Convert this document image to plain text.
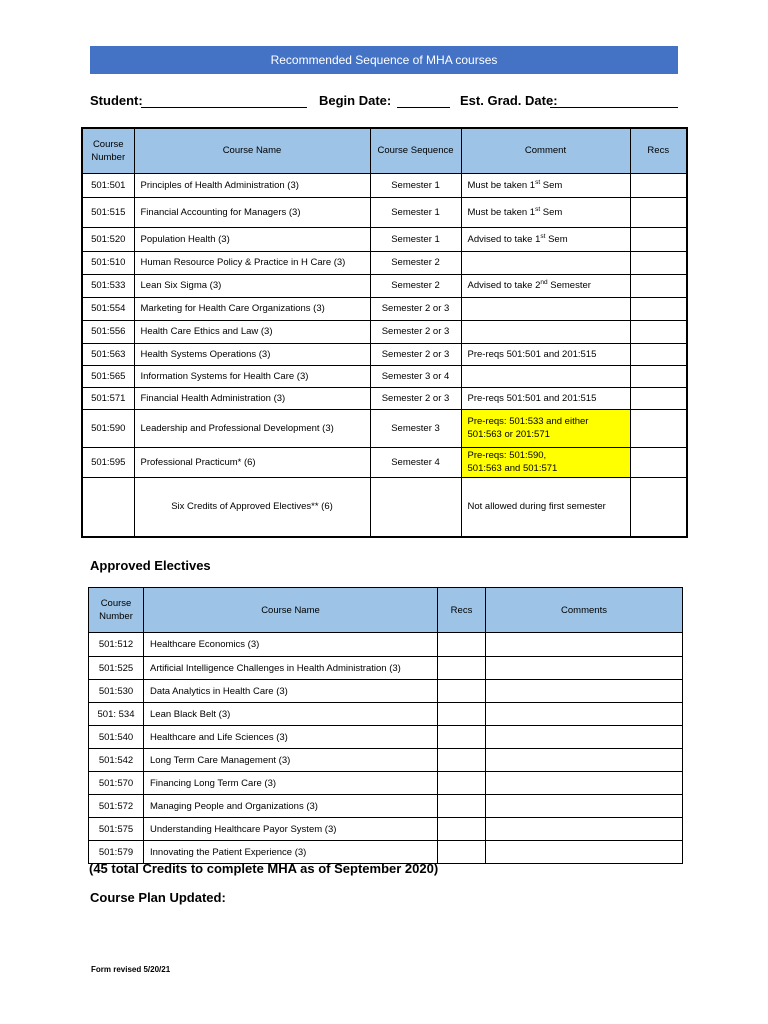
Recommended Sequence of MHA courses
Student:	Begin Date:	Est. Grad. Date:
Course Number	Course Name	Course Sequence	Comment	Recs
501:501	Principles of Health Administration (3)	Semester 1	Must be taken 1st Sem	
501:515	Financial Accounting for Managers (3)	Semester 1	Must be taken 1st Sem	
501:520	Population Health (3)	Semester 1	Advised to take 1st Sem	
501:510	Human Resource Policy & Practice in H Care (3)	Semester 2		
501:533	Lean Six Sigma (3)	Semester 2	Advised to take 2nd Semester	
501:554	Marketing for Health Care Organizations (3)	Semester 2 or 3		
501:556	Health Care Ethics and Law (3)	Semester 2 or 3		
501:563	Health Systems Operations (3)	Semester 2 or 3	Pre-reqs 501:501 and 201:515	
501:565	Information Systems for Health Care (3)	Semester 3 or 4		
501:571	Financial Health Administration (3)	Semester 2 or 3	Pre-reqs 501:501 and 201:515	
501:590	Leadership and Professional Development (3)	Semester 3	Pre-reqs: 501:533 and either
501:563 or 201:571	

501:595	Professional Practicum* (6)	Semester 4	Pre-reqs: 501:590,
501:563 and 501:571	

	Six Credits of Approved Electives** (6)		Not allowed during first semester	
Approved Electives
Course Number	Course Name	Recs	Comments
501:512	Healthcare Economics (3)		
501:525	Artificial Intelligence Challenges in Health Administration (3)		
501:530	Data Analytics in Health Care (3)		
501: 534	Lean Black Belt (3)		
501:540	Healthcare and Life Sciences (3)		
501:542	Long Term Care Management (3)		
501:570	Financing Long Term Care (3)		
501:572	Managing People and Organizations (3)		
501:575	Understanding Healthcare Payor System (3)		
501:579	Innovating the Patient Experience (3)		
(45 total Credits to complete MHA as of September 2020)
Course Plan Updated:
Form revised 5/20/21
